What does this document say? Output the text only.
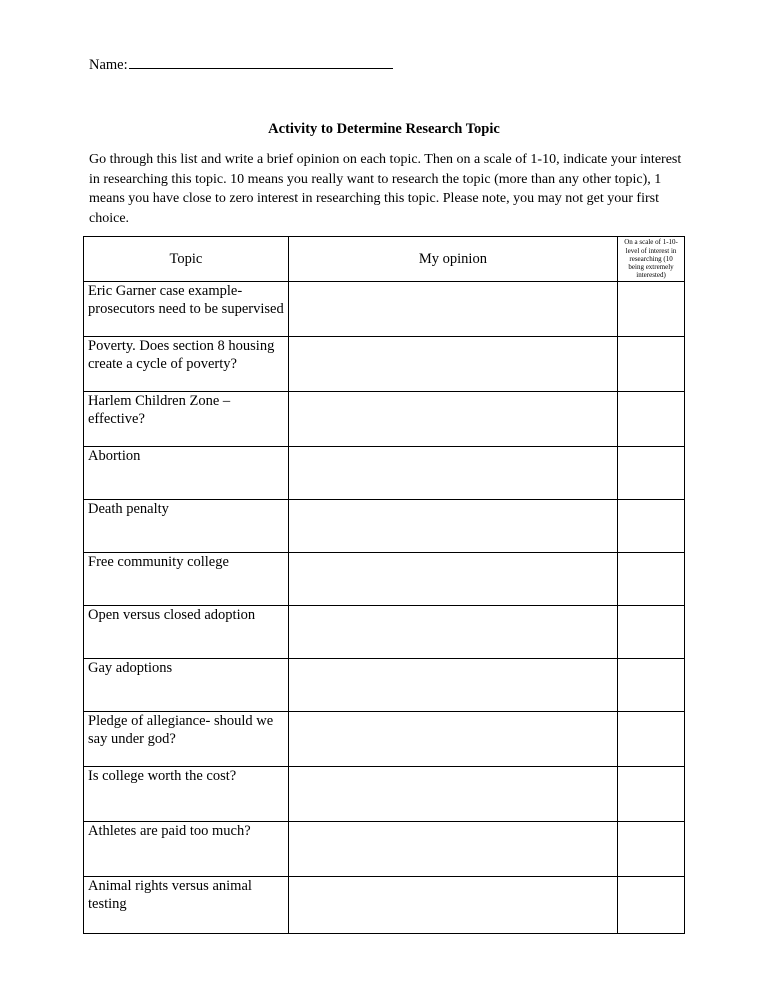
Name:
Activity to Determine Research Topic
Go through this list and write a brief opinion on each topic. Then on a scale of 1-10, indicate your interest in researching this topic. 10 means you really want to research the topic (more than any other topic), 1 means you have close to zero interest in researching this topic. Please note, you may not get your first choice.
Topic	My opinion	On a scale of 1-10-level of interest in researching (10 being extremely interested)
Eric Garner case example-prosecutors need to be supervised		
Poverty. Does section 8 housing create a cycle of poverty?		
Harlem Children Zone – effective?		
Abortion		
Death penalty		
Free community college		
Open versus closed adoption		
Gay adoptions		
Pledge of allegiance- should we say under god?		
Is college worth the cost?		
Athletes are paid too much?		
Animal rights versus animal testing		
